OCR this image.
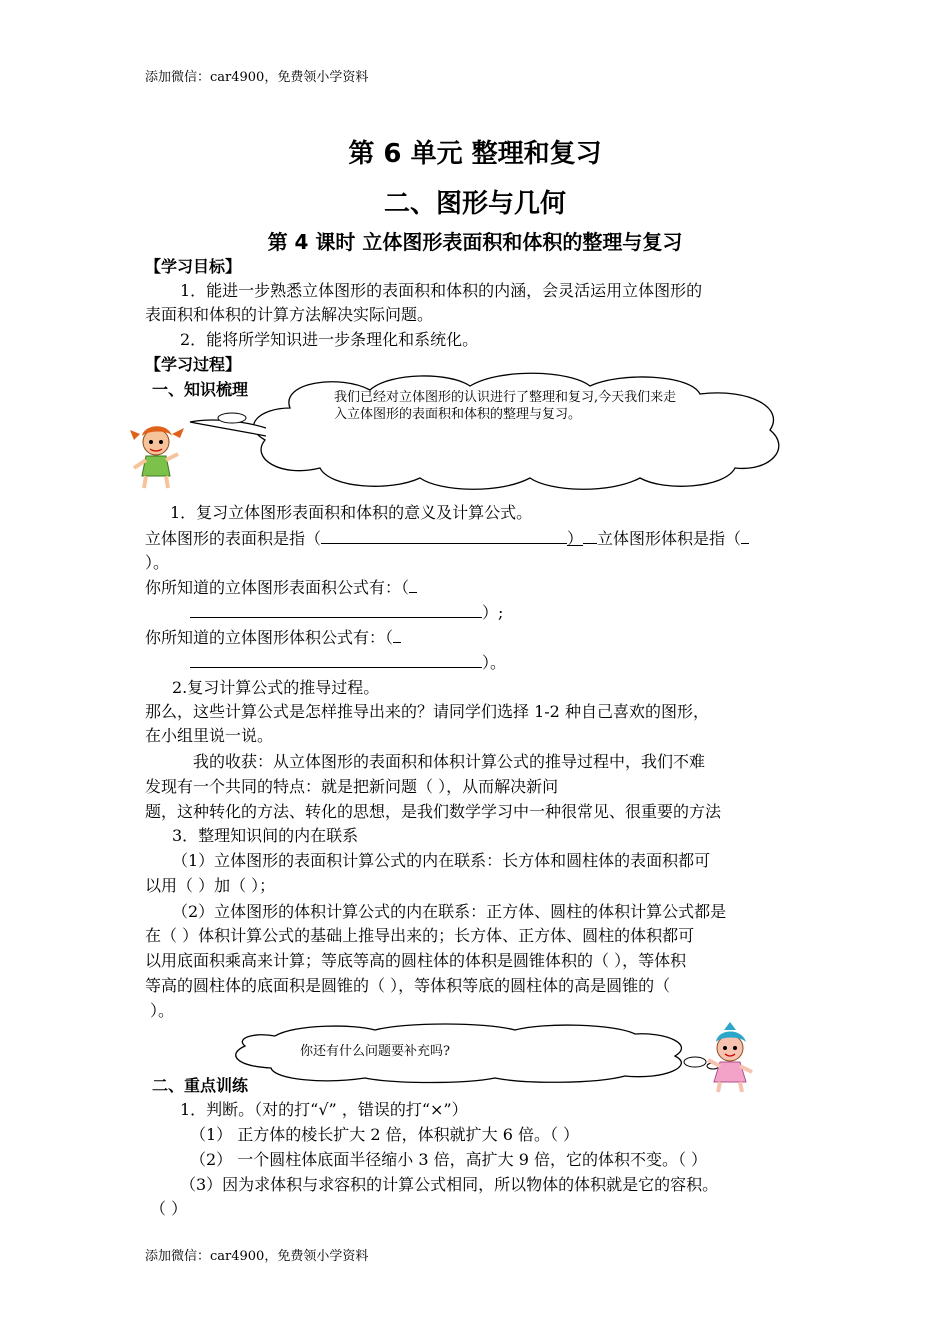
添加微信：car4900，免费领小学资料
第 6 单元 整理和复习
二、图形与几何
第 4 课时 立体图形表面积和体积的整理与复习
【学习目标】
1．能进一步熟悉立体图形的表面积和体积的内涵，会灵活运用立体图形的
表面积和体积的计算方法解决实际问题。
2．能将所学知识进一步条理化和系统化。
【学习过程】
一、知识梳理	我们已经对立体图形的认识进行了整理和复习,今天我们来走入立体图形的表面积和体积的整理与复习。
1．复习立体图形表面积和体积的意义及计算公式。
立体图形的表面积是指（	） 立体图形体积是指（
）。
你所知道的立体图形表面积公式有：（
）;
你所知道的立体图形体积公式有：（
）。
2.复习计算公式的推导过程。
那么，这些计算公式是怎样推导出来的？请同学们选择 1-2 种自己喜欢的图形，
在小组里说一说。
我的收获：从立体图形的表面积和体积计算公式的推导过程中，我们不难
发现有一个共同的特点：就是把新问题（ ），从而解决新问
题，这种转化的方法、转化的思想，是我们数学学习中一种很常见、很重要的方法
3．整理知识间的内在联系
（1）立体图形的表面积计算公式的内在联系：长方体和圆柱体的表面积都可
以用（ ）加（ ）；
（2）立体图形的体积计算公式的内在联系：正方体、圆柱的体积计算公式都是
在（ ）体积计算公式的基础上推导出来的；长方体、正方体、圆柱的体积都可
以用底面积乘高来计算；等底等高的圆柱体的体积是圆锥体积的（ ），等体积
等高的圆柱体的底面积是圆锥的（ ），等体积等底的圆柱体的高是圆锥的（
）。
你还有什么问题要补充吗?
二、重点训练
1．判断。（对的打“√” ，错误的打“×”）
（1） 正方体的棱长扩大 2 倍，体积就扩大 6 倍。（ ）
（2） 一个圆柱体底面半径缩小 3 倍，高扩大 9 倍，它的体积不变。（ ）
（3）因为求体积与求容积的计算公式相同，所以物体的体积就是它的容积。
（ ）
添加微信：car4900，免费领小学资料
